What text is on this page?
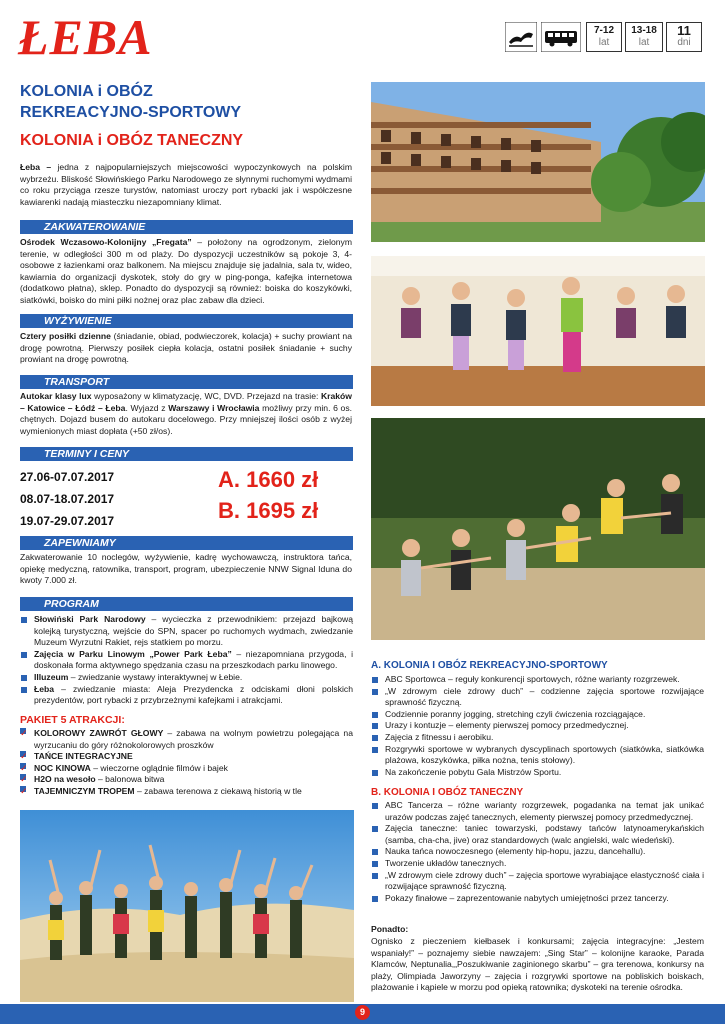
ŁEBA	7-12
lat
13-18
lat
11
dni
KOLONIA i OBÓZ
REKREACYJNO-SPORTOWY
KOLONIA i OBÓZ TANECZNY
Łeba – jedna z najpopularniejszych miejscowości wypoczynkowych na polskim wybrzeżu. Bliskość Słowińskiego Parku Narodowego ze słynnymi ruchomymi wydmami co roku przyciąga rzesze turystów, natomiast uroczy port rybacki jak i współczesne kawiarenki nadają miasteczku niezapomniany klimat.
ZAKWATEROWANIE
Ośrodek Wczasowo-Kolonijny „Fregata” – położony na ogrodzonym, zielonym terenie, w odległości 300 m od plaży. Do dyspozycji uczestników są pokoje 3, 4-osobowe z łazienkami oraz balkonem. Na miejscu znajduje się jadalnia, sala tv, wideo, kawiarnia do organizacji dyskotek, stoły do gry w ping-ponga, kafejka internetowa (dodatkowo płatna), sklep. Ponadto do dyspozycji są również: boiska do koszykówki, siatkówki, boisko do mini piłki nożnej oraz plac zabaw dla dzieci.
WYŻYWIENIE
Cztery posiłki dzienne (śniadanie, obiad, podwieczorek, kolacja) + suchy prowiant na drogę powrotną. Pierwszy posiłek ciepła kolacja, ostatni posiłek śniadanie + suchy prowiant na drogę powrotną.
TRANSPORT
Autokar klasy lux wyposażony w klimatyzację, WC, DVD. Przejazd na trasie: Kraków – Katowice – Łódź – Łeba. Wyjazd z Warszawy i Wrocławia możliwy przy min. 6 os. chętnych. Dojazd busem do autokaru docelowego. Przy mniejszej ilości osób z wyżej wymienionych miast dopłata (+50 zł/os).
TERMINY I CENY
27.06-07.07.2017
08.07-18.07.2017
19.07-29.07.2017
A. 1660 zł
B. 1695 zł
ZAPEWNIAMY
Zakwaterowanie 10 noclegów, wyżywienie, kadrę wychowawczą, instruktora tańca, opiekę medyczną, ratownika, transport, program, ubezpieczenie NNW Signal Iduna do kwoty 7.000 zł.
PROGRAM
Słowiński Park Narodowy – wycieczka z przewodnikiem: przejazd bajkową kolejką turystyczną, wejście do SPN, spacer po ruchomych wydmach, zwiedzanie Muzeum Wyrzutni Rakiet, rejs statkiem po morzu.
Zajęcia w Parku Linowym „Power Park Łeba” – niezapomniana przygoda, i doskonała forma aktywnego spędzania czasu na przeszkodach parku linowego.
Illuzeum – zwiedzanie wystawy interaktywnej w Łebie.
Łeba – zwiedzanie miasta: Aleja Prezydencka z odciskami dłoni polskich prezydentów, port rybacki z przybrzeżnymi kafejkami i atrakcjami.
PAKIET 5 ATRAKCJI:
✓ KOLOROWY ZAWRÓT GŁOWY – zabawa na wolnym powietrzu polegająca na wyrzucaniu do góry różnokolorowych proszków
✓ TAŃCE INTEGRACYJNE
✓ NOC KINOWA – wieczorne oglądnie filmów i bajek
✓ H2O na wesoło – balonowa bitwa
✓ TAJEMNICZYM TROPEM – zabawa terenowa z ciekawą historią w tle
A. KOLONIA I OBÓZ REKREACYJNO-SPORTOWY
ABC Sportowca – reguły konkurencji sportowych, różne warianty rozgrzewek.
„W zdrowym ciele zdrowy duch” – codzienne zajęcia sportowe rozwijające sprawność fizyczną.
Codziennie poranny jogging, stretching czyli ćwiczenia rozciągające.
Urazy i kontuzje – elementy pierwszej pomocy przedmedycznej.
Zajęcia z fitnessu i aerobiku.
Rozgrywki sportowe w wybranych dyscyplinach sportowych (siatkówka, siatkówka plażowa, koszykówka, piłka nożna, tenis stołowy).
Na zakończenie pobytu Gala Mistrzów Sportu.
B. KOLONIA I OBÓZ TANECZNY
ABC Tancerza – różne warianty rozgrzewek, pogadanka na temat jak unikać urazów podczas zajęć tanecznych, elementy pierwszej pomocy przedmedycznej.
Zajęcia taneczne: taniec towarzyski, podstawy tańców latynoamerykańskich (samba, cha-cha, jive) oraz standardowych (walc angielski, walc wiedeński).
Nauka tańca nowoczesnego (elementy hip-hopu, jazzu, dancehallu).
Tworzenie układów tanecznych.
„W zdrowym ciele zdrowy duch” – zajęcia sportowe wyrabiające elastyczność ciała i rozwijające sprawność fizyczną.
Pokazy finałowe – zaprezentowanie nabytych umiejętności przez tancerzy.
Ponadto:
Ognisko z pieczeniem kiełbasek i konkursami; zajęcia integracyjne: „Jestem wspaniały!” – poznajemy siebie nawzajem: „Sing Star” – kolonijne karaoke, Parada Klamców, Neptunalia,„Poszukiwanie zaginionego skarbu” – gra terenowa, konkursy na plaży, Olimpiada Jaworzyny – zajęcia i rozgrywki sportowe na pobliskich boiskach, plażowanie i kąpiele w morzu pod opieką ratownika; dyskoteki na terenie ośrodka.
9
